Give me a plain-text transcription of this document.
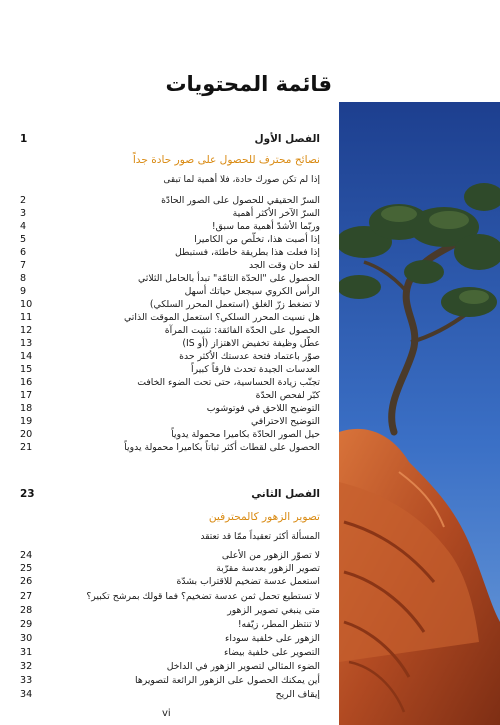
قائمة المحتويات
1	الفصل الأول
نصائح محترف للحصول على صور حادة جداً
إذا لم تكن صورك حادة، فلا أهمية لما تبقى
2	السرّ الحقيقي للحصول على الصور الحادّة
3	السرّ الآخر الأكثر أهمية
4	وربّما الأشدّ أهمية مما سبق!
5	إذا أصبت هذا، تخلّص من الكاميرا
6	إذا فعلت هذا بطريقة خاطئة، فستبطل
7	لقد حان وقت الجد
8	الحصول على "الحدّة التامّة" تبدأ بالحامل الثلاثي
9	الرأس الكروي سيجعل حياتك أسهل
10	لا تضغط زرّ الغلق (استعمل المحرر السلكي)
11	هل نسيت المحرر السلكي؟ استعمل الموقت الذاتي
12	الحصول على الحدّة الفائقة: تثبيت المرآة
13	عطّل وظيفة تخفيض الاهتزاز (أو IS)
14	صوّر باعتماد فتحة عدستك الأكثر حدة
15	العدسات الجيدة تحدث فارقاً كبيراً
16	تجنّب زيادة الحساسية، حتى تحت الضوء الخافت
17	كبّر لفحص الحدّة
18	التوضيح اللاحق في فوتوشوب
19	التوضيح الاحترافي
20	حيل الصور الحادّة بكاميرا محمولة يدوياً
21	الحصول على لقطات أكثر ثباتاً بكاميرا محمولة يدوياً
23	الفصل الثاني
تصوير الزهور كالمحترفين
المسألة أكثر تعقيداً ممّا قد تعتقد
24	لا تصوّر الزهور من الأعلى
25	تصوير الزهور بعدسة مقرّبة
26	استعمل عدسة تضخيم للاقتراب بشدّة
27	لا تستطيع تحمل ثمن عدسة تضخيم؟ فما قولك بمرشح تكبير؟
28	متى ينبغي تصوير الزهور
29	لا تنتظر المطر، زيّفه!
30	الزهور على خلفية سوداء
31	التصوير على خلفية بيضاء
32	الضوء المثالي لتصوير الزهور في الداخل
33	أين يمكنك الحصول على الزهور الرائعة لتصويرها
34	إيقاف الريح
vi
